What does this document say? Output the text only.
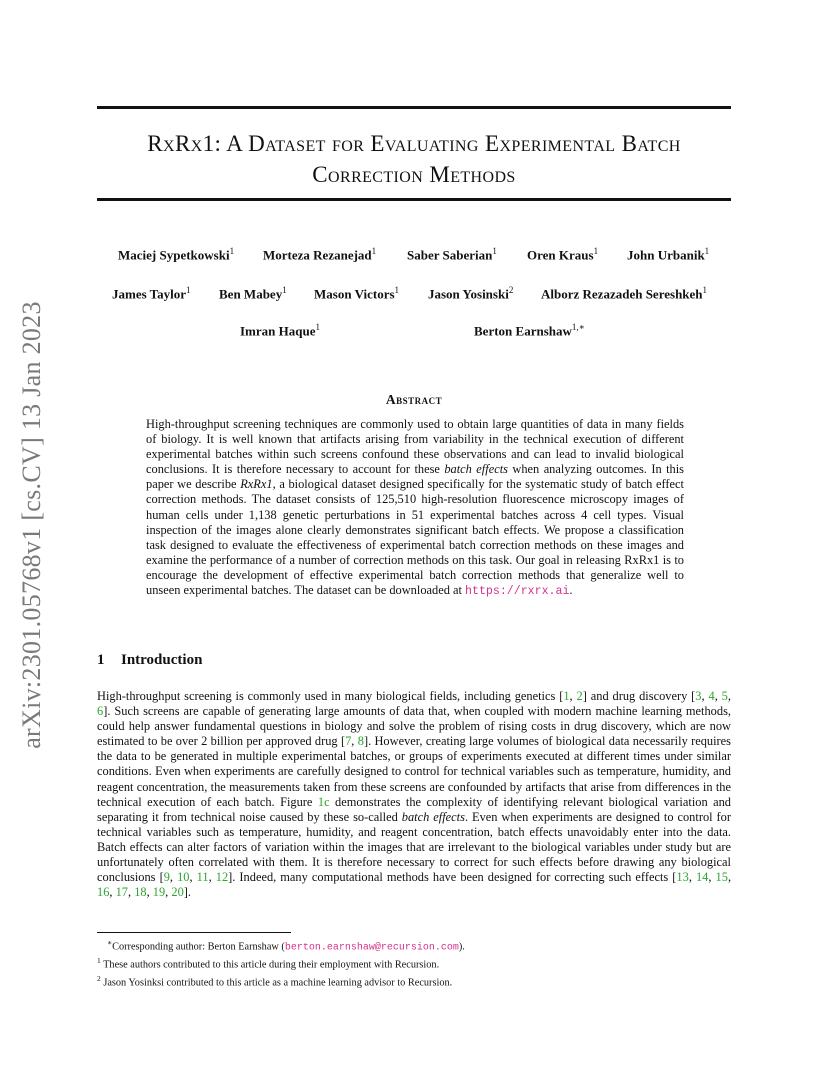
arXiv:2301.05768v1 [cs.CV] 13 Jan 2023
RxRx1: A Dataset for Evaluating Experimental Batch
Correction Methods
Maciej Sypetkowski$^1$ Morteza Rezanejad$^1$ Saber Saberian$^1$ Oren Kraus$^1$ John Urbanik$^1$
James Taylor$^1$ Ben Mabey$^1$ Mason Victors$^1$ Jason Yosinski$^2$ Alborz Rezazadeh Sereshkeh$^1$
Imran Haque$^1$	Berton Earnshaw$^{1,∗}$
Abstract
High-throughput screening techniques are commonly used to obtain large quantities of data in many fields of biology. It is well known that artifacts arising from variability in the technical execution of different experimental batches within such screens confound these observations and can lead to invalid biological conclusions. It is therefore necessary to account for these batch effects when analyzing outcomes. In this paper we describe RxRx1, a biological dataset designed specifically for the systematic study of batch effect correction methods. The dataset consists of 125,510 high-resolution fluorescence microscopy images of human cells under 1,138 genetic perturbations in 51 experimental batches across 4 cell types. Visual inspection of the images alone clearly demonstrates significant batch effects. We propose a classification task designed to evaluate the effectiveness of experimental batch correction methods on these images and examine the performance of a number of correction methods on this task. Our goal in releasing RxRx1 is to encourage the development of effective experimental batch correction methods that generalize well to unseen experimental batches. The dataset can be downloaded at https://rxrx.ai.
1 Introduction
High-throughput screening is commonly used in many biological fields, including genetics [1, 2] and drug discovery [3, 4, 5, 6]. Such screens are capable of generating large amounts of data that, when coupled with modern machine learning methods, could help answer fundamental questions in biology and solve the problem of rising costs in drug discovery, which are now estimated to be over 2 billion per approved drug [7, 8]. However, creating large volumes of biological data necessarily requires the data to be generated in multiple experimental batches, or groups of experiments executed at different times under similar conditions. Even when experiments are carefully designed to control for technical variables such as temperature, humidity, and reagent concentration, the measurements taken from these screens are confounded by artifacts that arise from differences in the technical execution of each batch. Figure 1c demonstrates the complexity of identifying relevant biological variation and separating it from technical noise caused by these so-called batch effects. Even when experiments are designed to control for technical variables such as temperature, humidity, and reagent concentration, batch effects unavoidably enter into the data. Batch effects can alter factors of variation within the images that are irrelevant to the biological variables under study but are unfortunately often correlated with them. It is therefore necessary to correct for such effects before drawing any biological conclusions [9, 10, 11, 12]. Indeed, many computational methods have been designed for correcting such effects [13, 14, 15, 16, 17, 18, 19, 20].
∗Corresponding author: Berton Earnshaw (berton.earnshaw@recursion.com).
$^1$ These authors contributed to this article during their employment with Recursion.
$^2$ Jason Yosinksi contributed to this article as a machine learning advisor to Recursion.
